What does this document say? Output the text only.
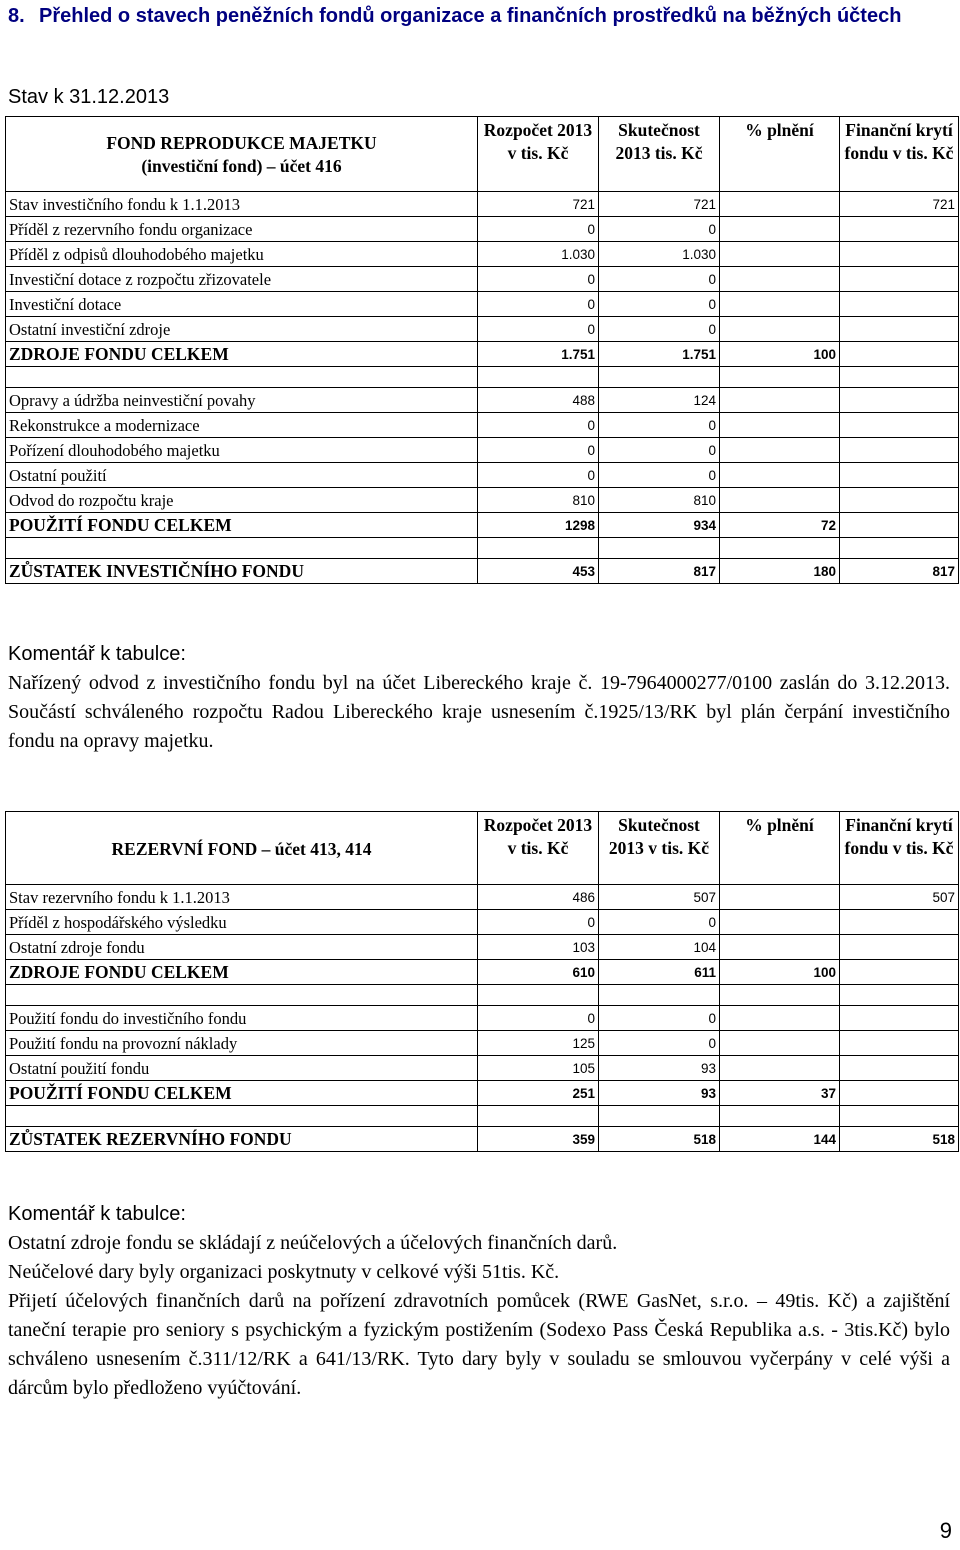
8. Přehled o stavech peněžních fondů organizace a finančních prostředků na běžných účtech
Stav k 31.12.2013
FOND REPRODUKCE MAJETKU
(investiční fond) – účet 416	Rozpočet 2013 v tis. Kč	Skutečnost 2013 tis. Kč	% plnění	Finanční krytí fondu v tis. Kč
Stav investičního fondu k 1.1.2013	721	721		721
Příděl z rezervního fondu organizace	0	0		
Příděl z odpisů dlouhodobého majetku	1.030	1.030		
Investiční dotace z rozpočtu zřizovatele	0	0		
Investiční dotace	0	0		
Ostatní investiční zdroje	0	0		
ZDROJE FONDU CELKEM	1.751	1.751	100	

Opravy a údržba neinvestiční povahy	488	124		
Rekonstrukce a modernizace	0	0		
Pořízení dlouhodobého majetku	0	0		
Ostatní použití	0	0		
Odvod do rozpočtu kraje	810	810		
POUŽITÍ FONDU CELKEM	1298	934	72	

ZŮSTATEK INVESTIČNÍHO FONDU	453	817	180	817

Komentář k tabulce:

Nařízený odvod z investičního fondu byl na účet Libereckého kraje č. 19-7964000277/0100 zaslán do 3.12.2013. Součástí schváleného rozpočtu Radou Libereckého kraje usnesením č.1925/13/RK byl plán čerpání investičního fondu na opravy majetku.

REZERVNÍ FOND – účet 413, 414	Rozpočet 2013 v tis. Kč	Skutečnost 2013 v tis. Kč	% plnění	Finanční krytí fondu v tis. Kč
Stav rezervního fondu k 1.1.2013	486	507		507
Příděl z hospodářského výsledku	0	0		
Ostatní zdroje fondu	103	104		
ZDROJE FONDU CELKEM	610	611	100	

Použití fondu do investičního fondu	0	0		
Použití fondu na provozní náklady	125	0		
Ostatní použití fondu	105	93		
POUŽITÍ FONDU CELKEM	251	93	37	

ZŮSTATEK REZERVNÍHO FONDU	359	518	144	518

Komentář k tabulce:

Ostatní zdroje fondu se skládají z neúčelových a účelových finančních darů.

Neúčelové dary byly organizaci poskytnuty v celkové výši 51tis. Kč.

Přijetí účelových finančních darů na pořízení zdravotních pomůcek (RWE GasNet, s.r.o. – 49tis. Kč) a zajištění taneční terapie pro seniory s psychickým a fyzickým postižením (Sodexo Pass Česká Republika a.s. - 3tis.Kč) bylo schváleno usnesením č.311/12/RK a 641/13/RK. Tyto dary byly v souladu se smlouvou vyčerpány v celé výši a dárcům bylo předloženo vyúčtování.

9
